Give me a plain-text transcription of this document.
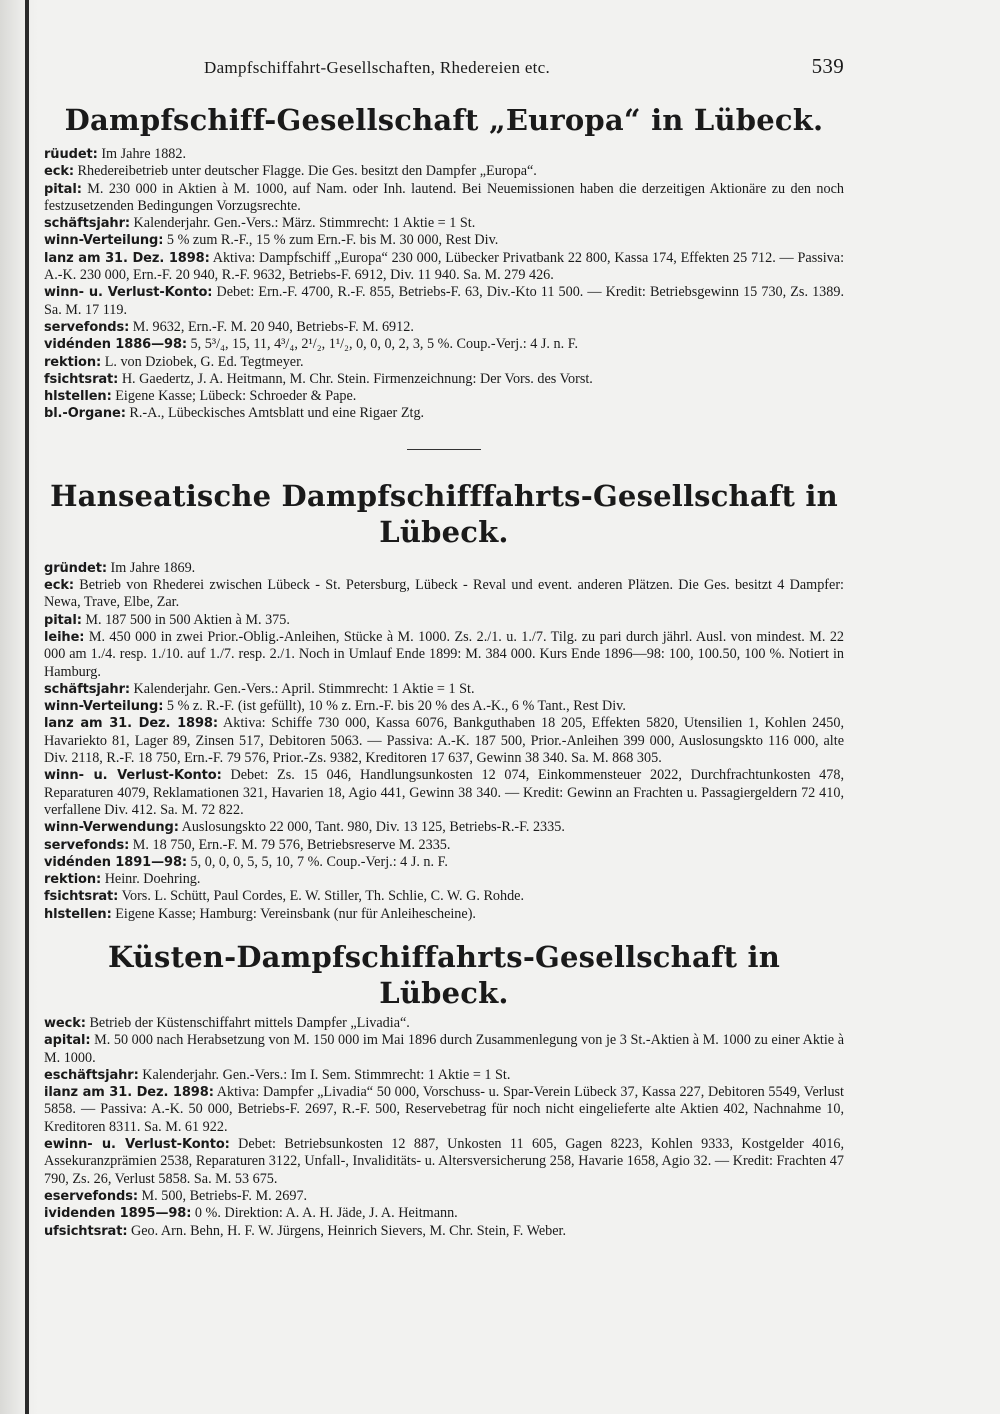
Dampfschiffahrt-Gesellschaften, Rhedereien etc.	539
Dampfschiff-Gesellschaft „Europa“ in Lübeck.

rüudet: Im Jahre 1882.

eck: Rhedereibetrieb unter deutscher Flagge. Die Ges. besitzt den Dampfer „Europa“.

pital: M. 230 000 in Aktien à M. 1000, auf Nam. oder Inh. lautend. Bei Neuemissionen haben die derzeitigen Aktionäre zu den noch festzusetzenden Bedingungen Vorzugsrechte.

schäftsjahr: Kalenderjahr. Gen.-Vers.: März. Stimmrecht: 1 Aktie = 1 St.

winn-Verteilung: 5 % zum R.-F., 15 % zum Ern.-F. bis M. 30 000, Rest Div.

lanz am 31. Dez. 1898: Aktiva: Dampfschiff „Europa“ 230 000, Lübecker Privatbank 22 800, Kassa 174, Effekten 25 712. — Passiva: A.-K. 230 000, Ern.-F. 20 940, R.-F. 9632, Betriebs-F. 6912, Div. 11 940. Sa. M. 279 426.

winn- u. Verlust-Konto: Debet: Ern.-F. 4700, R.-F. 855, Betriebs-F. 63, Div.-Kto 11 500. — Kredit: Betriebsgewinn 15 730, Zs. 1389. Sa. M. 17 119.

servefonds: M. 9632, Ern.-F. M. 20 940, Betriebs-F. M. 6912.

vidénden 1886—98: 5, 5³/₄, 15, 11, 4³/₄, 2¹/₂, 1¹/₂, 0, 0, 0, 2, 3, 5 %. Coup.-Verj.: 4 J. n. F.

rektion: L. von Dziobek, G. Ed. Tegtmeyer.

fsichtsrat: H. Gaedertz, J. A. Heitmann, M. Chr. Stein. Firmenzeichnung: Der Vors. des Vorst.

hlstellen: Eigene Kasse; Lübeck: Schroeder & Pape.

bl.-Organe: R.-A., Lübeckisches Amtsblatt und eine Rigaer Ztg.

Hanseatische Dampfschifffahrts-Gesellschaft in Lübeck.

gründet: Im Jahre 1869.

eck: Betrieb von Rhederei zwischen Lübeck - St. Petersburg, Lübeck - Reval und event. anderen Plätzen. Die Ges. besitzt 4 Dampfer: Newa, Trave, Elbe, Zar.

pital: M. 187 500 in 500 Aktien à M. 375.

leihe: M. 450 000 in zwei Prior.-Oblig.-Anleihen, Stücke à M. 1000. Zs. 2./1. u. 1./7. Tilg. zu pari durch jährl. Ausl. von mindest. M. 22 000 am 1./4. resp. 1./10. auf 1./7. resp. 2./1. Noch in Umlauf Ende 1899: M. 384 000. Kurs Ende 1896—98: 100, 100.50, 100 %. Notiert in Hamburg.

schäftsjahr: Kalenderjahr. Gen.-Vers.: April. Stimmrecht: 1 Aktie = 1 St.

winn-Verteilung: 5 % z. R.-F. (ist gefüllt), 10 % z. Ern.-F. bis 20 % des A.-K., 6 % Tant., Rest Div.

lanz am 31. Dez. 1898: Aktiva: Schiffe 730 000, Kassa 6076, Bankguthaben 18 205, Effekten 5820, Utensilien 1, Kohlen 2450, Havariekto 81, Lager 89, Zinsen 517, Debitoren 5063. — Passiva: A.-K. 187 500, Prior.-Anleihen 399 000, Auslosungskto 116 000, alte Div. 2118, R.-F. 18 750, Ern.-F. 79 576, Prior.-Zs. 9382, Kreditoren 17 637, Gewinn 38 340. Sa. M. 868 305.

winn- u. Verlust-Konto: Debet: Zs. 15 046, Handlungsunkosten 12 074, Einkommensteuer 2022, Durchfrachtunkosten 478, Reparaturen 4079, Reklamationen 321, Havarien 18, Agio 441, Gewinn 38 340. — Kredit: Gewinn an Frachten u. Passagiergeldern 72 410, verfallene Div. 412. Sa. M. 72 822.

winn-Verwendung: Auslosungskto 22 000, Tant. 980, Div. 13 125, Betriebs-R.-F. 2335.

servefonds: M. 18 750, Ern.-F. M. 79 576, Betriebsreserve M. 2335.

vidénden 1891—98: 5, 0, 0, 0, 5, 5, 10, 7 %. Coup.-Verj.: 4 J. n. F.

rektion: Heinr. Doehring.

fsichtsrat: Vors. L. Schütt, Paul Cordes, E. W. Stiller, Th. Schlie, C. W. G. Rohde.

hlstellen: Eigene Kasse; Hamburg: Vereinsbank (nur für Anleihescheine).

Küsten-Dampfschiffahrts-Gesellschaft in Lübeck.

weck: Betrieb der Küstenschiffahrt mittels Dampfer „Livadia“.

apital: M. 50 000 nach Herabsetzung von M. 150 000 im Mai 1896 durch Zusammenlegung von je 3 St.-Aktien à M. 1000 zu einer Aktie à M. 1000.

eschäftsjahr: Kalenderjahr. Gen.-Vers.: Im I. Sem. Stimmrecht: 1 Aktie = 1 St.

ilanz am 31. Dez. 1898: Aktiva: Dampfer „Livadia“ 50 000, Vorschuss- u. Spar-Verein Lübeck 37, Kassa 227, Debitoren 5549, Verlust 5858. — Passiva: A.-K. 50 000, Betriebs-F. 2697, R.-F. 500, Reservebetrag für noch nicht eingelieferte alte Aktien 402, Nachnahme 10, Kreditoren 8311. Sa. M. 61 922.

ewinn- u. Verlust-Konto: Debet: Betriebsunkosten 12 887, Unkosten 11 605, Gagen 8223, Kohlen 9333, Kostgelder 4016, Assekuranzprämien 2538, Reparaturen 3122, Unfall-, Invaliditäts- u. Altersversicherung 258, Havarie 1658, Agio 32. — Kredit: Frachten 47 790, Zs. 26, Verlust 5858. Sa. M. 53 675.

eservefonds: M. 500, Betriebs-F. M. 2697.

ividenden 1895—98: 0 %. Direktion: A. A. H. Jäde, J. A. Heitmann.

ufsichtsrat: Geo. Arn. Behn, H. F. W. Jürgens, Heinrich Sievers, M. Chr. Stein, F. Weber.
